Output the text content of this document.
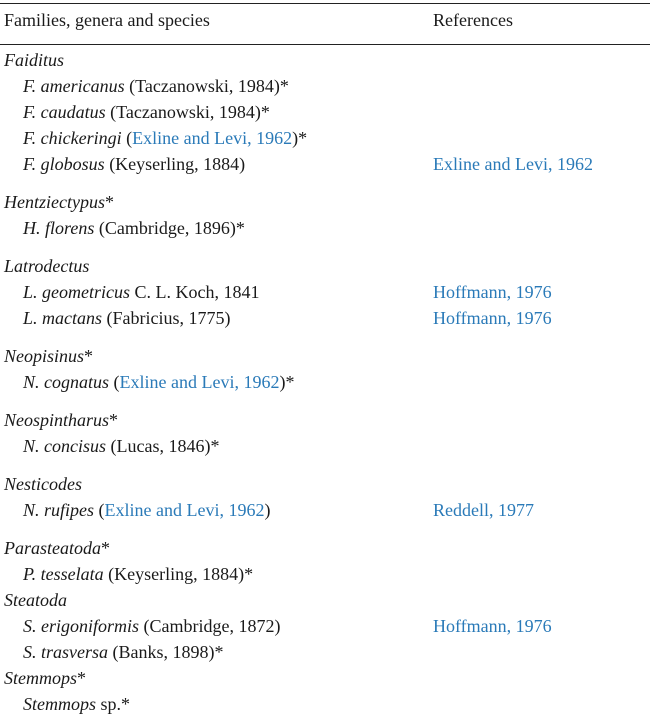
Families, genera and species	References
Faiditus
F. americanus (Taczanowski, 1984)*
F. caudatus (Taczanowski, 1984)*
F. chickeringi (Exline and Levi, 1962)*
F. globosus (Keyserling, 1884)	Exline and Levi, 1962
Hentziectypus*
H. florens (Cambridge, 1896)*
Latrodectus
L. geometricus C. L. Koch, 1841	Hoffmann, 1976
L. mactans (Fabricius, 1775)	Hoffmann, 1976
Neopisinus*
N. cognatus (Exline and Levi, 1962)*
Neospintharus*
N. concisus (Lucas, 1846)*
Nesticodes
N. rufipes (Exline and Levi, 1962)	Reddell, 1977
Parasteatoda*
P. tesselata (Keyserling, 1884)*
Steatoda
S. erigoniformis (Cambridge, 1872)	Hoffmann, 1976
S. trasversa (Banks, 1898)*
Stemmops*
Stemmops sp.*
